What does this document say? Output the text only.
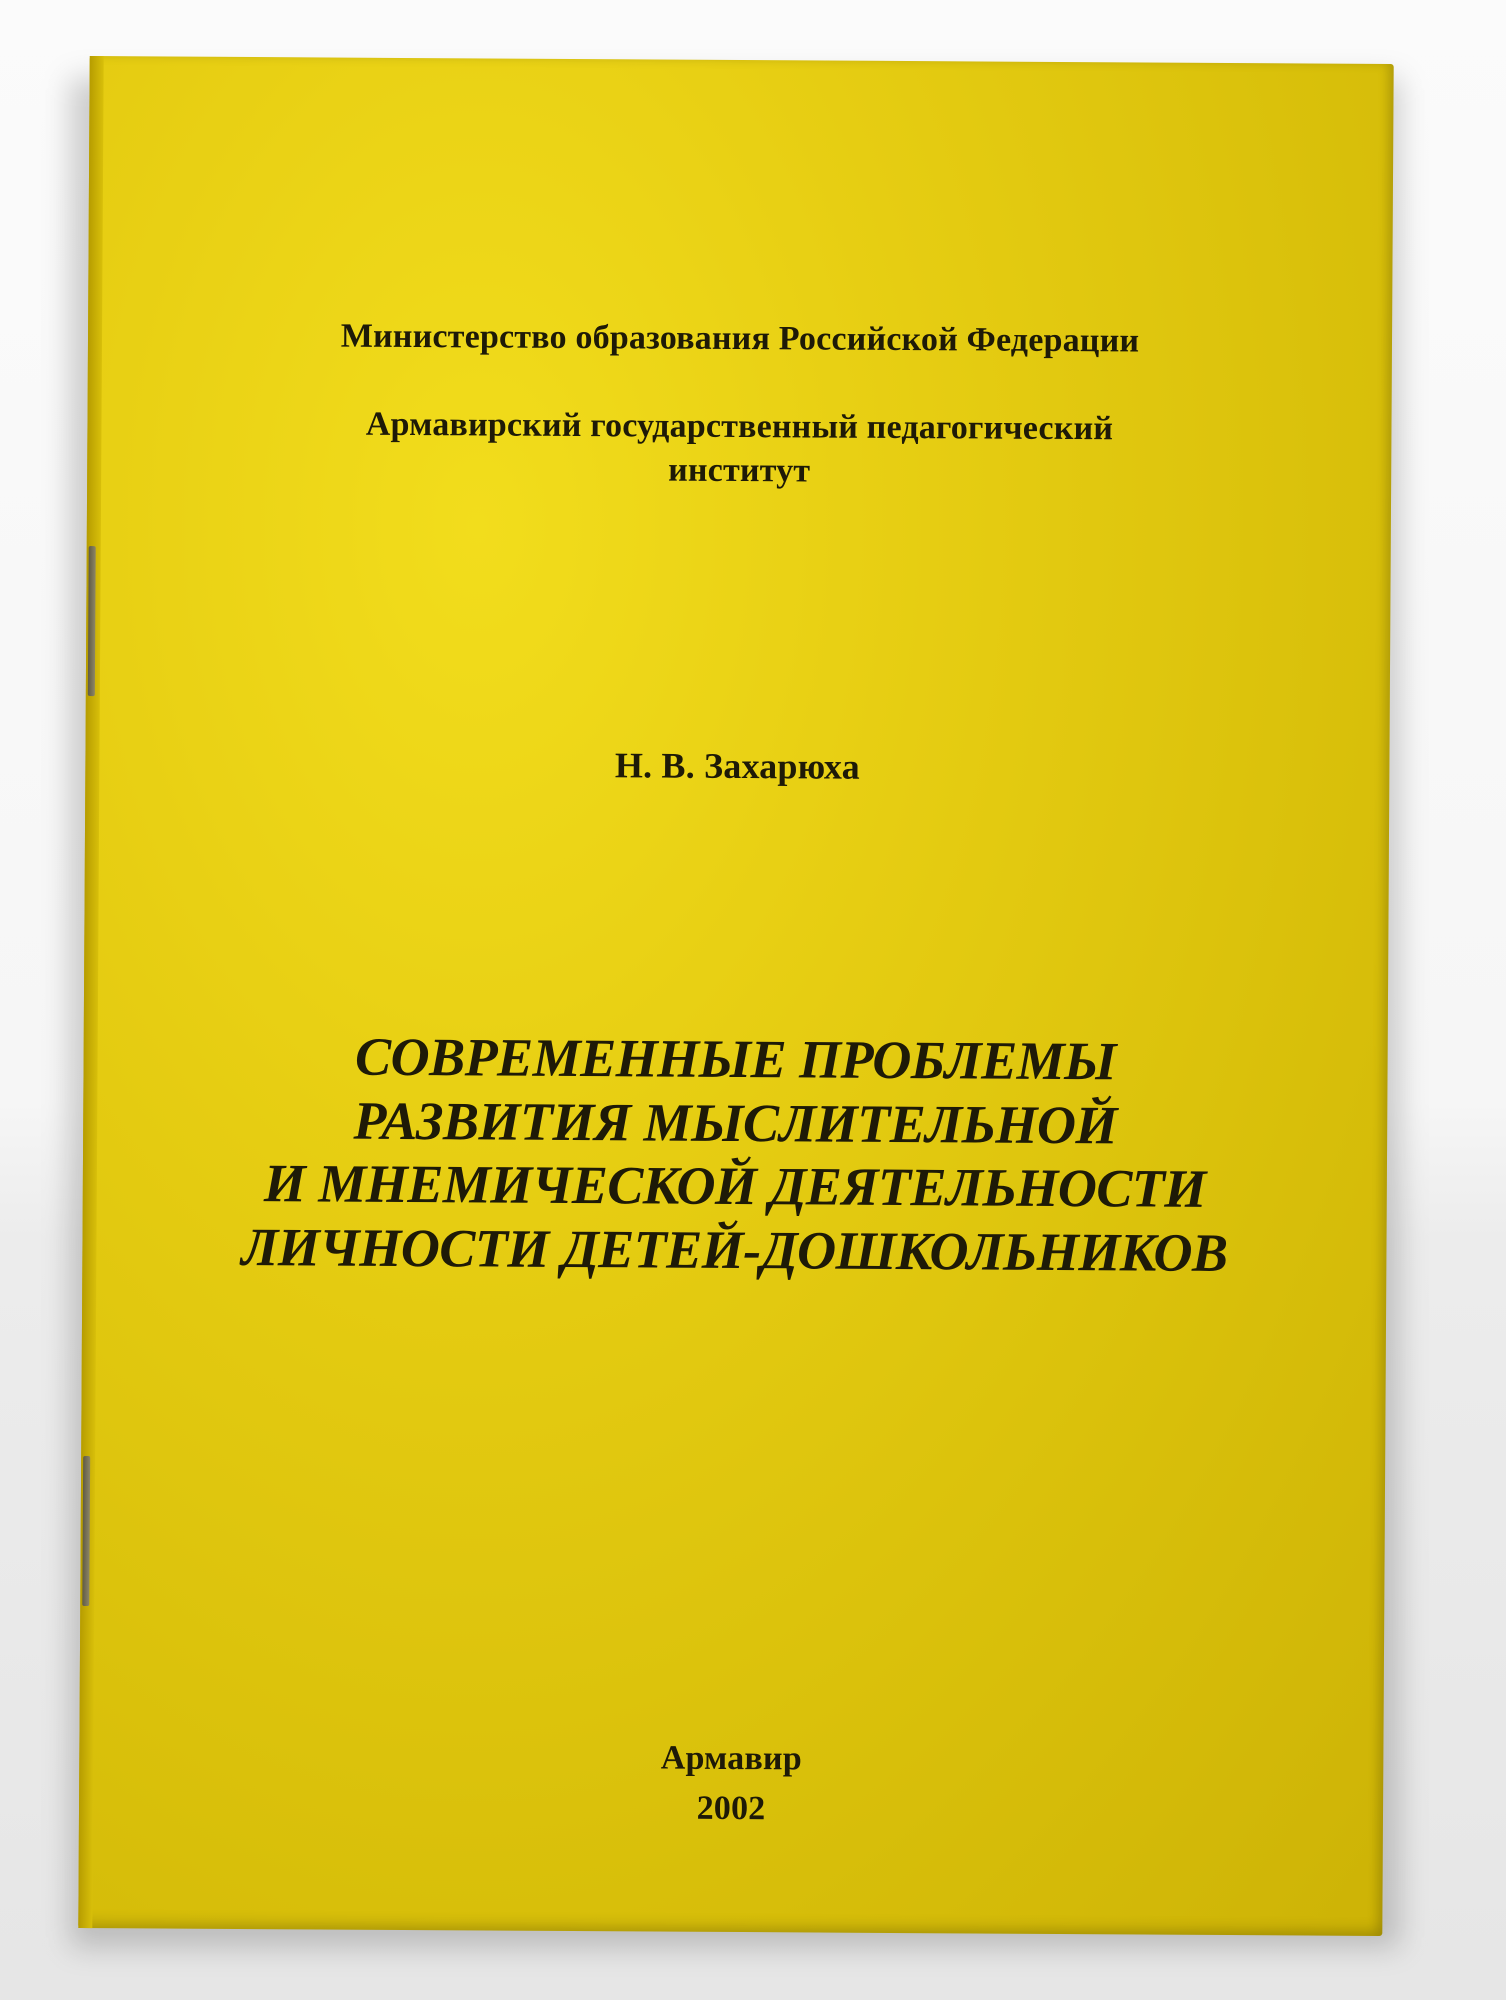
Министерство образования Российской Федерации
Армавирский государственный педагогический
институт
Н. В. Захарюха
СОВРЕМЕННЫЕ ПРОБЛЕМЫ
РАЗВИТИЯ МЫСЛИТЕЛЬНОЙ
И МНЕМИЧЕСКОЙ ДЕЯТЕЛЬНОСТИ
ЛИЧНОСТИ ДЕТЕЙ-ДОШКОЛЬНИКОВ
Армавир
2002
